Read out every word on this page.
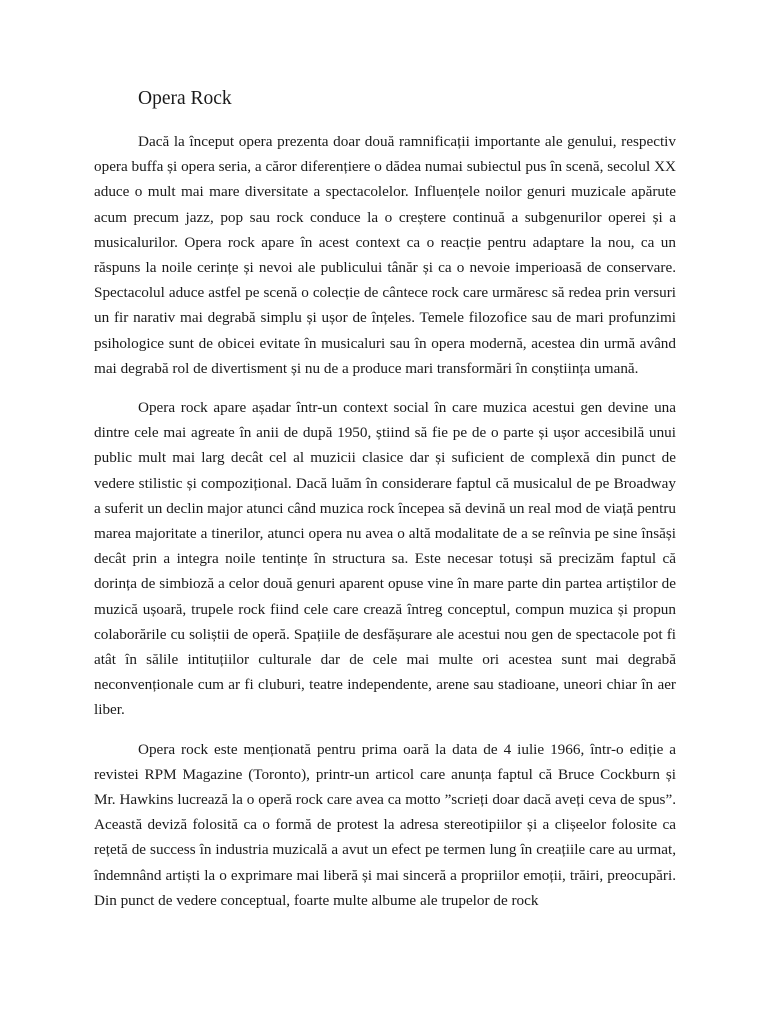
Opera Rock

Dacă la început opera prezenta doar două ramnificații importante ale genului, respectiv opera buffa și opera seria, a căror diferențiere o dădea numai subiectul pus în scenă, secolul XX aduce o mult mai mare diversitate a spectacolelor. Influențele noilor genuri muzicale apărute acum precum jazz, pop sau rock conduce la o creștere continuă a subgenurilor operei și a musicalurilor. Opera rock apare în acest context ca o reacție pentru adaptare la nou, ca un răspuns la noile cerințe și nevoi ale publicului tânăr și ca o nevoie imperioasă de conservare. Spectacolul aduce astfel pe scenă o colecție de cântece rock care urmăresc să redea prin versuri un fir narativ mai degrabă simplu și ușor de înțeles. Temele filozofice sau de mari profunzimi psihologice sunt de obicei evitate în musicaluri sau în opera modernă, acestea din urmă având mai degrabă rol de divertisment și nu de a produce mari transformări în conștiința umană.

Opera rock apare așadar într-un context social în care muzica acestui gen devine una dintre cele mai agreate în anii de după 1950, știind să fie pe de o parte și ușor accesibilă unui public mult mai larg decât cel al muzicii clasice dar și suficient de complexă din punct de vedere stilistic și compozițional. Dacă luăm în considerare faptul că musicalul de pe Broadway a suferit un declin major atunci când muzica rock începea să devină un real mod de viață pentru marea majoritate a tinerilor, atunci opera nu avea o altă modalitate de a se reînvia pe sine însăși decât prin a integra noile tentințe în structura sa. Este necesar totuși să precizăm faptul că dorința de simbioză a celor două genuri aparent opuse vine în mare parte din partea artiștilor de muzică ușoară, trupele rock fiind cele care crează întreg conceptul, compun muzica și propun colaborările cu soliștii de operă. Spațiile de desfășurare ale acestui nou gen de spectacole pot fi atât în sălile intituțiilor culturale dar de cele mai multe ori acestea sunt mai degrabă neconvenționale cum ar fi cluburi, teatre independente, arene sau stadioane, uneori chiar în aer liber.

Opera rock este menționată pentru prima oară la data de 4 iulie 1966, într-o ediție a revistei RPM Magazine (Toronto), printr-un articol care anunța faptul că Bruce Cockburn și Mr. Hawkins lucrează la o operă rock care avea ca motto ”scrieți doar dacă aveți ceva de spus”. Această deviză folosită ca o formă de protest la adresa stereotipiilor și a clișeelor folosite ca rețetă de success în industria muzicală a avut un efect pe termen lung în creațiile care au urmat, îndemnând artiști la o exprimare mai liberă și mai sinceră a propriilor emoții, trăiri, preocupări. Din punct de vedere conceptual, foarte multe albume ale trupelor de rock
